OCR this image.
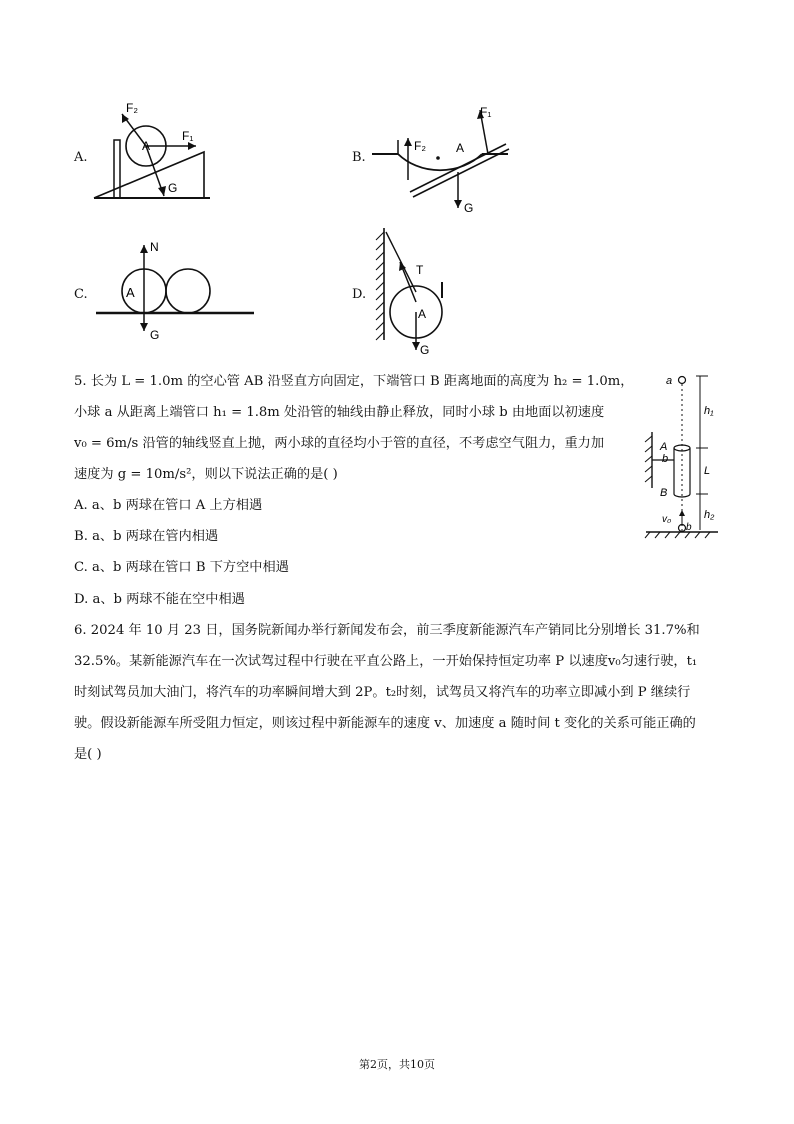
A.
F₂
A
F₁
G
B.
F₂	A
F₁
G
C.
N
A
G
D.
T
A
G
5. 长为 L = 1.0m 的空心管 AB 沿竖直方向固定，下端管口 B 距离地面的高度为 h₂ = 1.0m，
小球 a 从距离上端管口 h₁ = 1.8m 处沿管的轴线由静止释放，同时小球 b 由地面以初速度
v₀ = 6m/s 沿管的轴线竖直上抛，两小球的直径均小于管的直径，不考虑空气阻力，重力加
速度为 g = 10m/s²，则以下说法正确的是( )
A. a、b 两球在管口 A 上方相遇
B. a、b 两球在管内相遇
C. a、b 两球在管口 B 下方空中相遇
D. a、b 两球不能在空中相遇
a
h₁
A
b
L
B
h₂
v₀
b
6. 2024 年 10 月 23 日，国务院新闻办举行新闻发布会，前三季度新能源汽车产销同比分别增长 31.7%和
32.5%。某新能源汽车在一次试驾过程中行驶在平直公路上，一开始保持恒定功率 P 以速度v₀匀速行驶，t₁
时刻试驾员加大油门，将汽车的功率瞬间增大到 2P。t₂时刻，试驾员又将汽车的功率立即减小到 P 继续行
驶。假设新能源车所受阻力恒定，则该过程中新能源车的速度 v、加速度 a 随时间 t 变化的关系可能正确的
是( )
第2页，共10页
